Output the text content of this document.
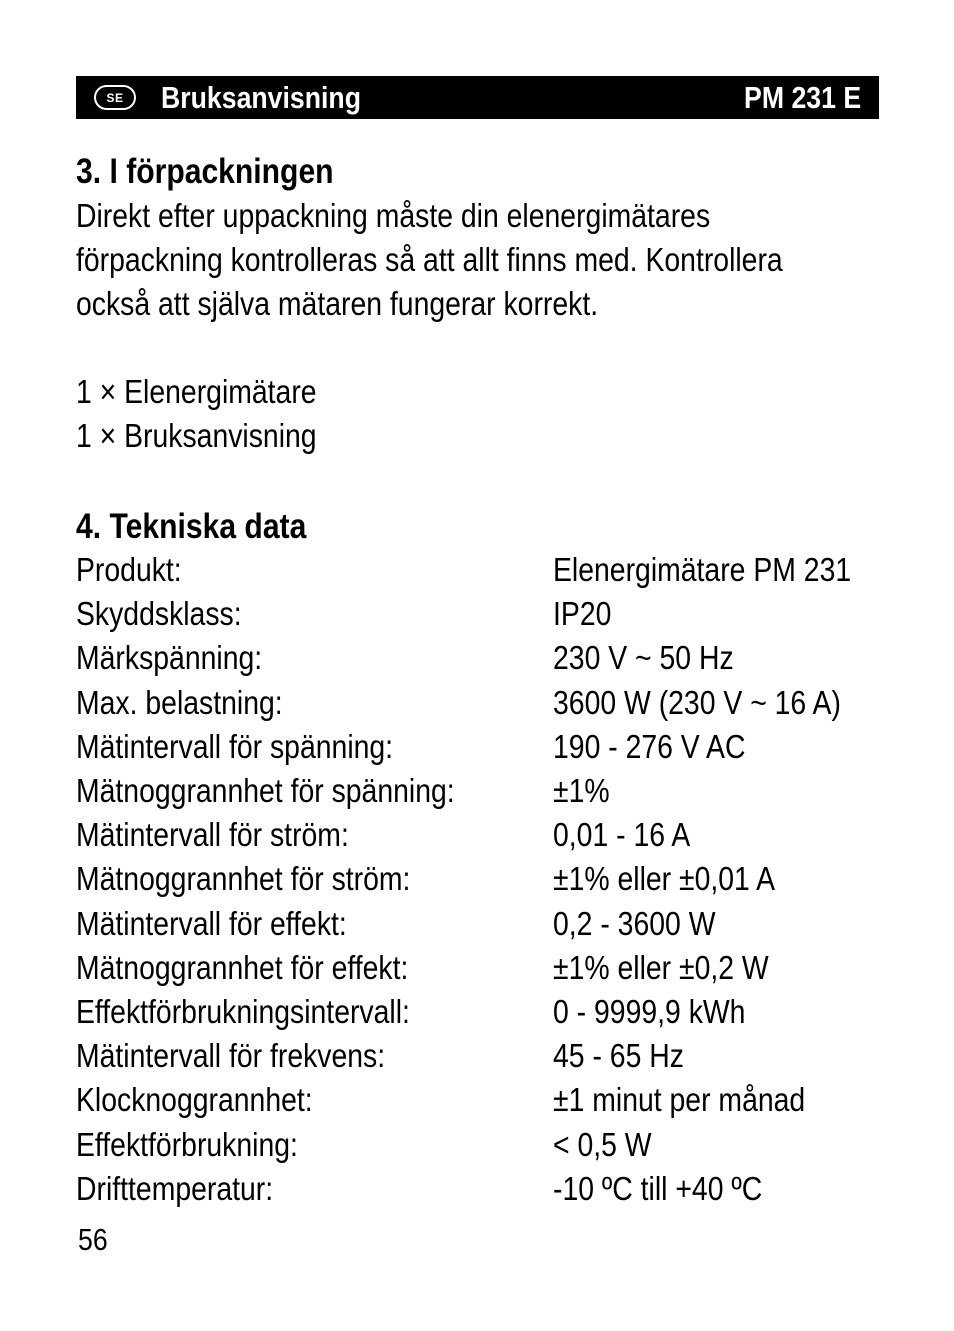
SE	Bruksanvisning	PM 231 E
3. I förpackningen
Direkt efter uppackning måste din elenergimätares
förpackning kontrolleras så att allt finns med. Kontrollera
också att själva mätaren fungerar korrekt.
1 × Elenergimätare
1 × Bruksanvisning
4. Tekniska data
Produkt:	Elenergimätare PM 231
Skyddsklass:	IP20
Märkspänning:	230 V ~ 50 Hz
Max. belastning:	3600 W (230 V ~ 16 A)
Mätintervall för spänning:	190 - 276 V AC
Mätnoggrannhet för spänning:	±1%
Mätintervall för ström:	0,01 - 16 A
Mätnoggrannhet för ström:	±1% eller ±0,01 A
Mätintervall för effekt:	0,2 - 3600 W
Mätnoggrannhet för effekt:	±1% eller ±0,2 W
Effektförbrukningsintervall:	0 - 9999,9 kWh
Mätintervall för frekvens:	45 - 65 Hz
Klocknoggrannhet:	±1 minut per månad
Effektförbrukning:	< 0,5 W
Drifttemperatur:	-10 ºC till +40 ºC
56
